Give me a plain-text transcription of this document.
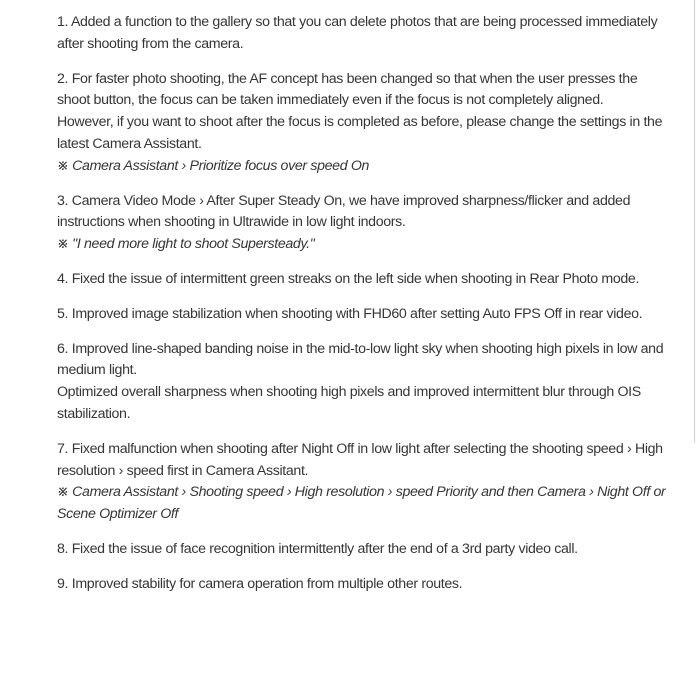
1. Added a function to the gallery so that you can delete photos that are being processed immediately after shooting from the camera.

2. For faster photo shooting, the AF concept has been changed so that when the user presses the shoot button, the focus can be taken immediately even if the focus is not completely aligned.

However, if you want to shoot after the focus is completed as before, please change the settings in the latest Camera Assistant.

※ Camera Assistant › Prioritize focus over speed On

3. Camera Video Mode › After Super Steady On, we have improved sharpness/flicker and added instructions when shooting in Ultrawide in low light indoors.

※ "I need more light to shoot Supersteady."

4. Fixed the issue of intermittent green streaks on the left side when shooting in Rear Photo mode.

5. Improved image stabilization when shooting with FHD60 after setting Auto FPS Off in rear video.

6. Improved line-shaped banding noise in the mid-to-low light sky when shooting high pixels in low and medium light.

Optimized overall sharpness when shooting high pixels and improved intermittent blur through OIS stabilization.

7. Fixed malfunction when shooting after Night Off in low light after selecting the shooting speed › High resolution › speed first in Camera Assitant.

※ Camera Assistant › Shooting speed › High resolution › speed Priority and then Camera › Night Off or Scene Optimizer Off

8. Fixed the issue of face recognition intermittently after the end of a 3rd party video call.

9. Improved stability for camera operation from multiple other routes.
